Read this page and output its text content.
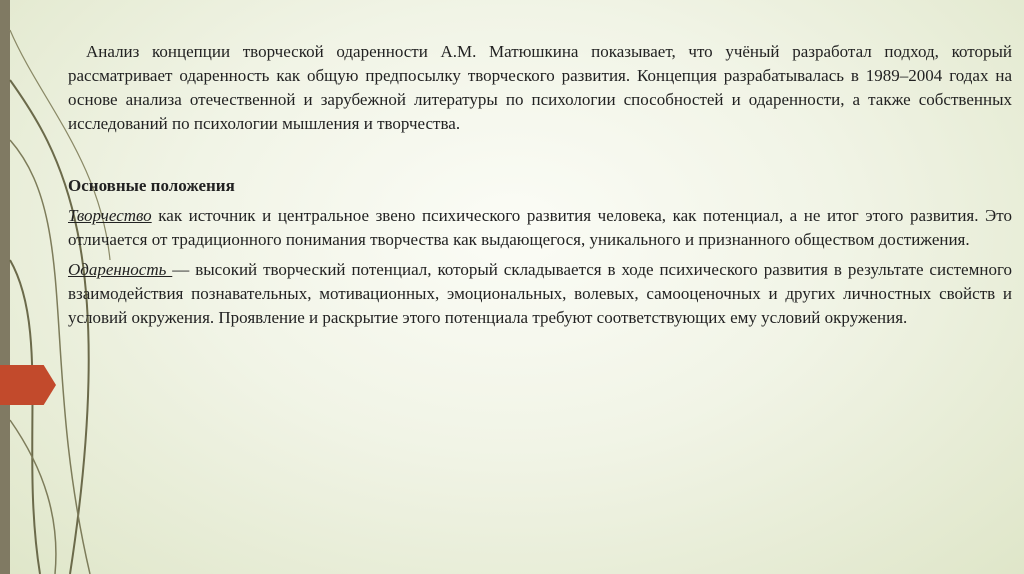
Анализ концепции творческой одаренности А.М. Матюшкина показывает, что учёный разработал подход, который рассматривает одаренность как общую предпосылку творческого развития. Концепция разрабатывалась в 1989–2004 годах на основе анализа отечественной и зарубежной литературы по психологии способностей и одаренности, а также собственных исследований по психологии мышления и творчества.

Основные положения

Творчество как источник и центральное звено психического развития человека, как потенциал, а не итог этого развития. Это отличается от традиционного понимания творчества как выдающегося, уникального и признанного обществом достижения.

Одаренность — высокий творческий потенциал, который складывается в ходе психического развития в результате системного взаимодействия познавательных, мотивационных, эмоциональных, волевых, самооценочных и других личностных свойств и условий окружения. Проявление и раскрытие этого потенциала требуют соответствующих ему условий окружения.
